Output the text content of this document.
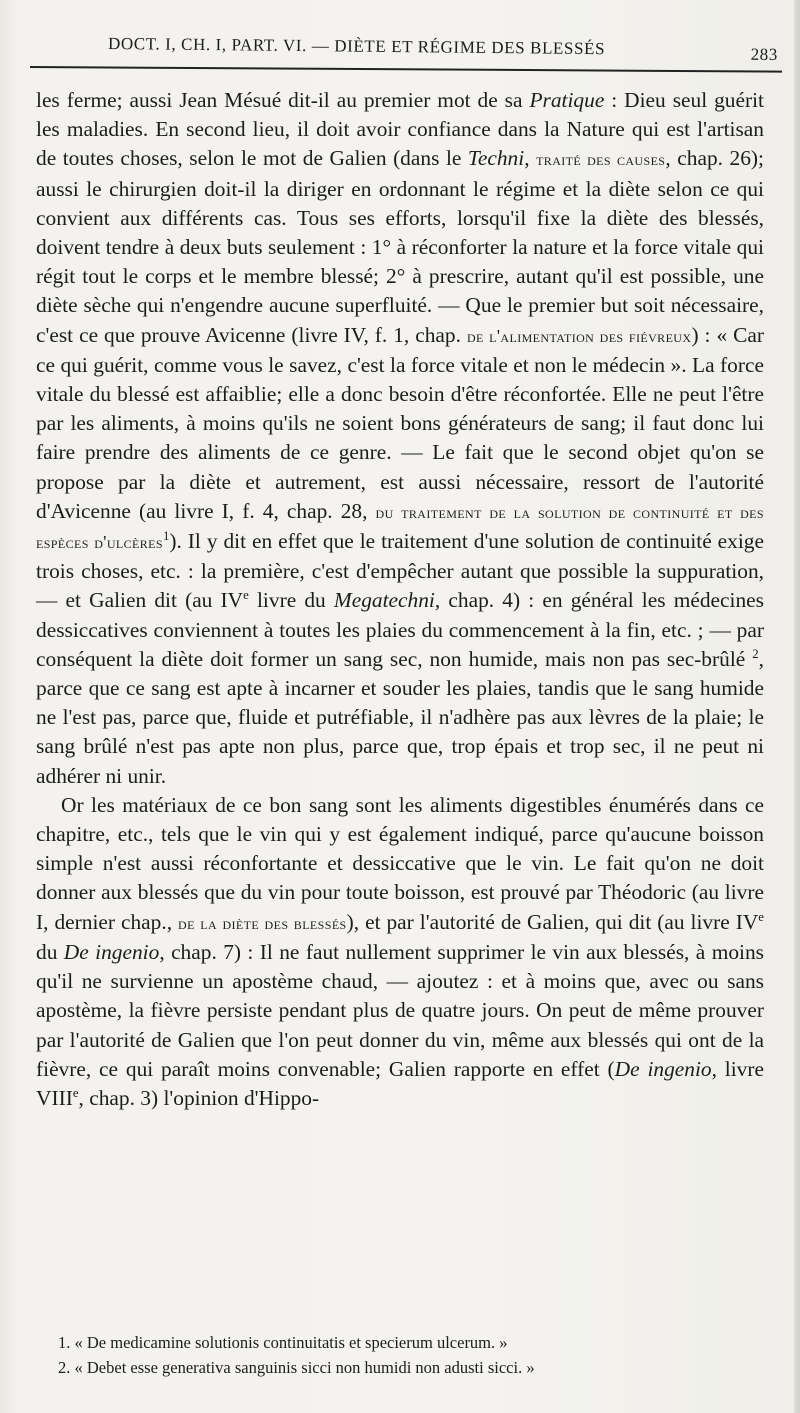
DOCT. I, CH. I, PART. VI. — DIÈTE ET RÉGIME DES BLESSÉS	283

les ferme; aussi Jean Mésué dit-il au premier mot de sa Pratique : Dieu seul guérit les maladies. En second lieu, il doit avoir confiance dans la Nature qui est l'artisan de toutes choses, selon le mot de Galien (dans le Techni, traité des causes, chap. 26); aussi le chirurgien doit-il la diriger en ordonnant le régime et la diète selon ce qui convient aux différents cas. Tous ses efforts, lorsqu'il fixe la diète des blessés, doivent tendre à deux buts seulement : 1° à réconforter la nature et la force vitale qui régit tout le corps et le membre blessé; 2° à prescrire, autant qu'il est possible, une diète sèche qui n'engendre aucune superfluité. — Que le premier but soit nécessaire, c'est ce que prouve Avicenne (livre IV, f. 1, chap. de l'alimentation des fiévreux) : « Car ce qui guérit, comme vous le savez, c'est la force vitale et non le médecin ». La force vitale du blessé est affaiblie; elle a donc besoin d'être réconfortée. Elle ne peut l'être par les aliments, à moins qu'ils ne soient bons générateurs de sang; il faut donc lui faire prendre des aliments de ce genre. — Le fait que le second objet qu'on se propose par la diète et autrement, est aussi nécessaire, ressort de l'autorité d'Avicenne (au livre I, f. 4, chap. 28, du traitement de la solution de continuité et des espèces d'ulcères$^1$). Il y dit en effet que le traitement d'une solution de continuité exige trois choses, etc. : la première, c'est d'empêcher autant que possible la suppuration, — et Galien dit (au IVe livre du Megatechni, chap. 4) : en général les médecines dessiccatives conviennent à toutes les plaies du commencement à la fin, etc. ; — par conséquent la diète doit former un sang sec, non humide, mais non pas sec-brûlé $^2$, parce que ce sang est apte à incarner et souder les plaies, tandis que le sang humide ne l'est pas, parce que, fluide et putréfiable, il n'adhère pas aux lèvres de la plaie; le sang brûlé n'est pas apte non plus, parce que, trop épais et trop sec, il ne peut ni adhérer ni unir.

Or les matériaux de ce bon sang sont les aliments digestibles énumérés dans ce chapitre, etc., tels que le vin qui y est également indiqué, parce qu'aucune boisson simple n'est aussi réconfortante et dessiccative que le vin. Le fait qu'on ne doit donner aux blessés que du vin pour toute boisson, est prouvé par Théodoric (au livre I, dernier chap., de la diète des blessés), et par l'autorité de Galien, qui dit (au livre IVe du De ingenio, chap. 7) : Il ne faut nullement supprimer le vin aux blessés, à moins qu'il ne survienne un apostème chaud, — ajoutez : et à moins que, avec ou sans apostème, la fièvre persiste pendant plus de quatre jours. On peut de même prouver par l'autorité de Galien que l'on peut donner du vin, même aux blessés qui ont de la fièvre, ce qui paraît moins convenable; Galien rapporte en effet (De ingenio, livre VIIIe, chap. 3) l'opinion d'Hippo-

1. « De medicamine solutionis continuitatis et specierum ulcerum. »
2. « Debet esse generativa sanguinis sicci non humidi non adusti sicci. »
